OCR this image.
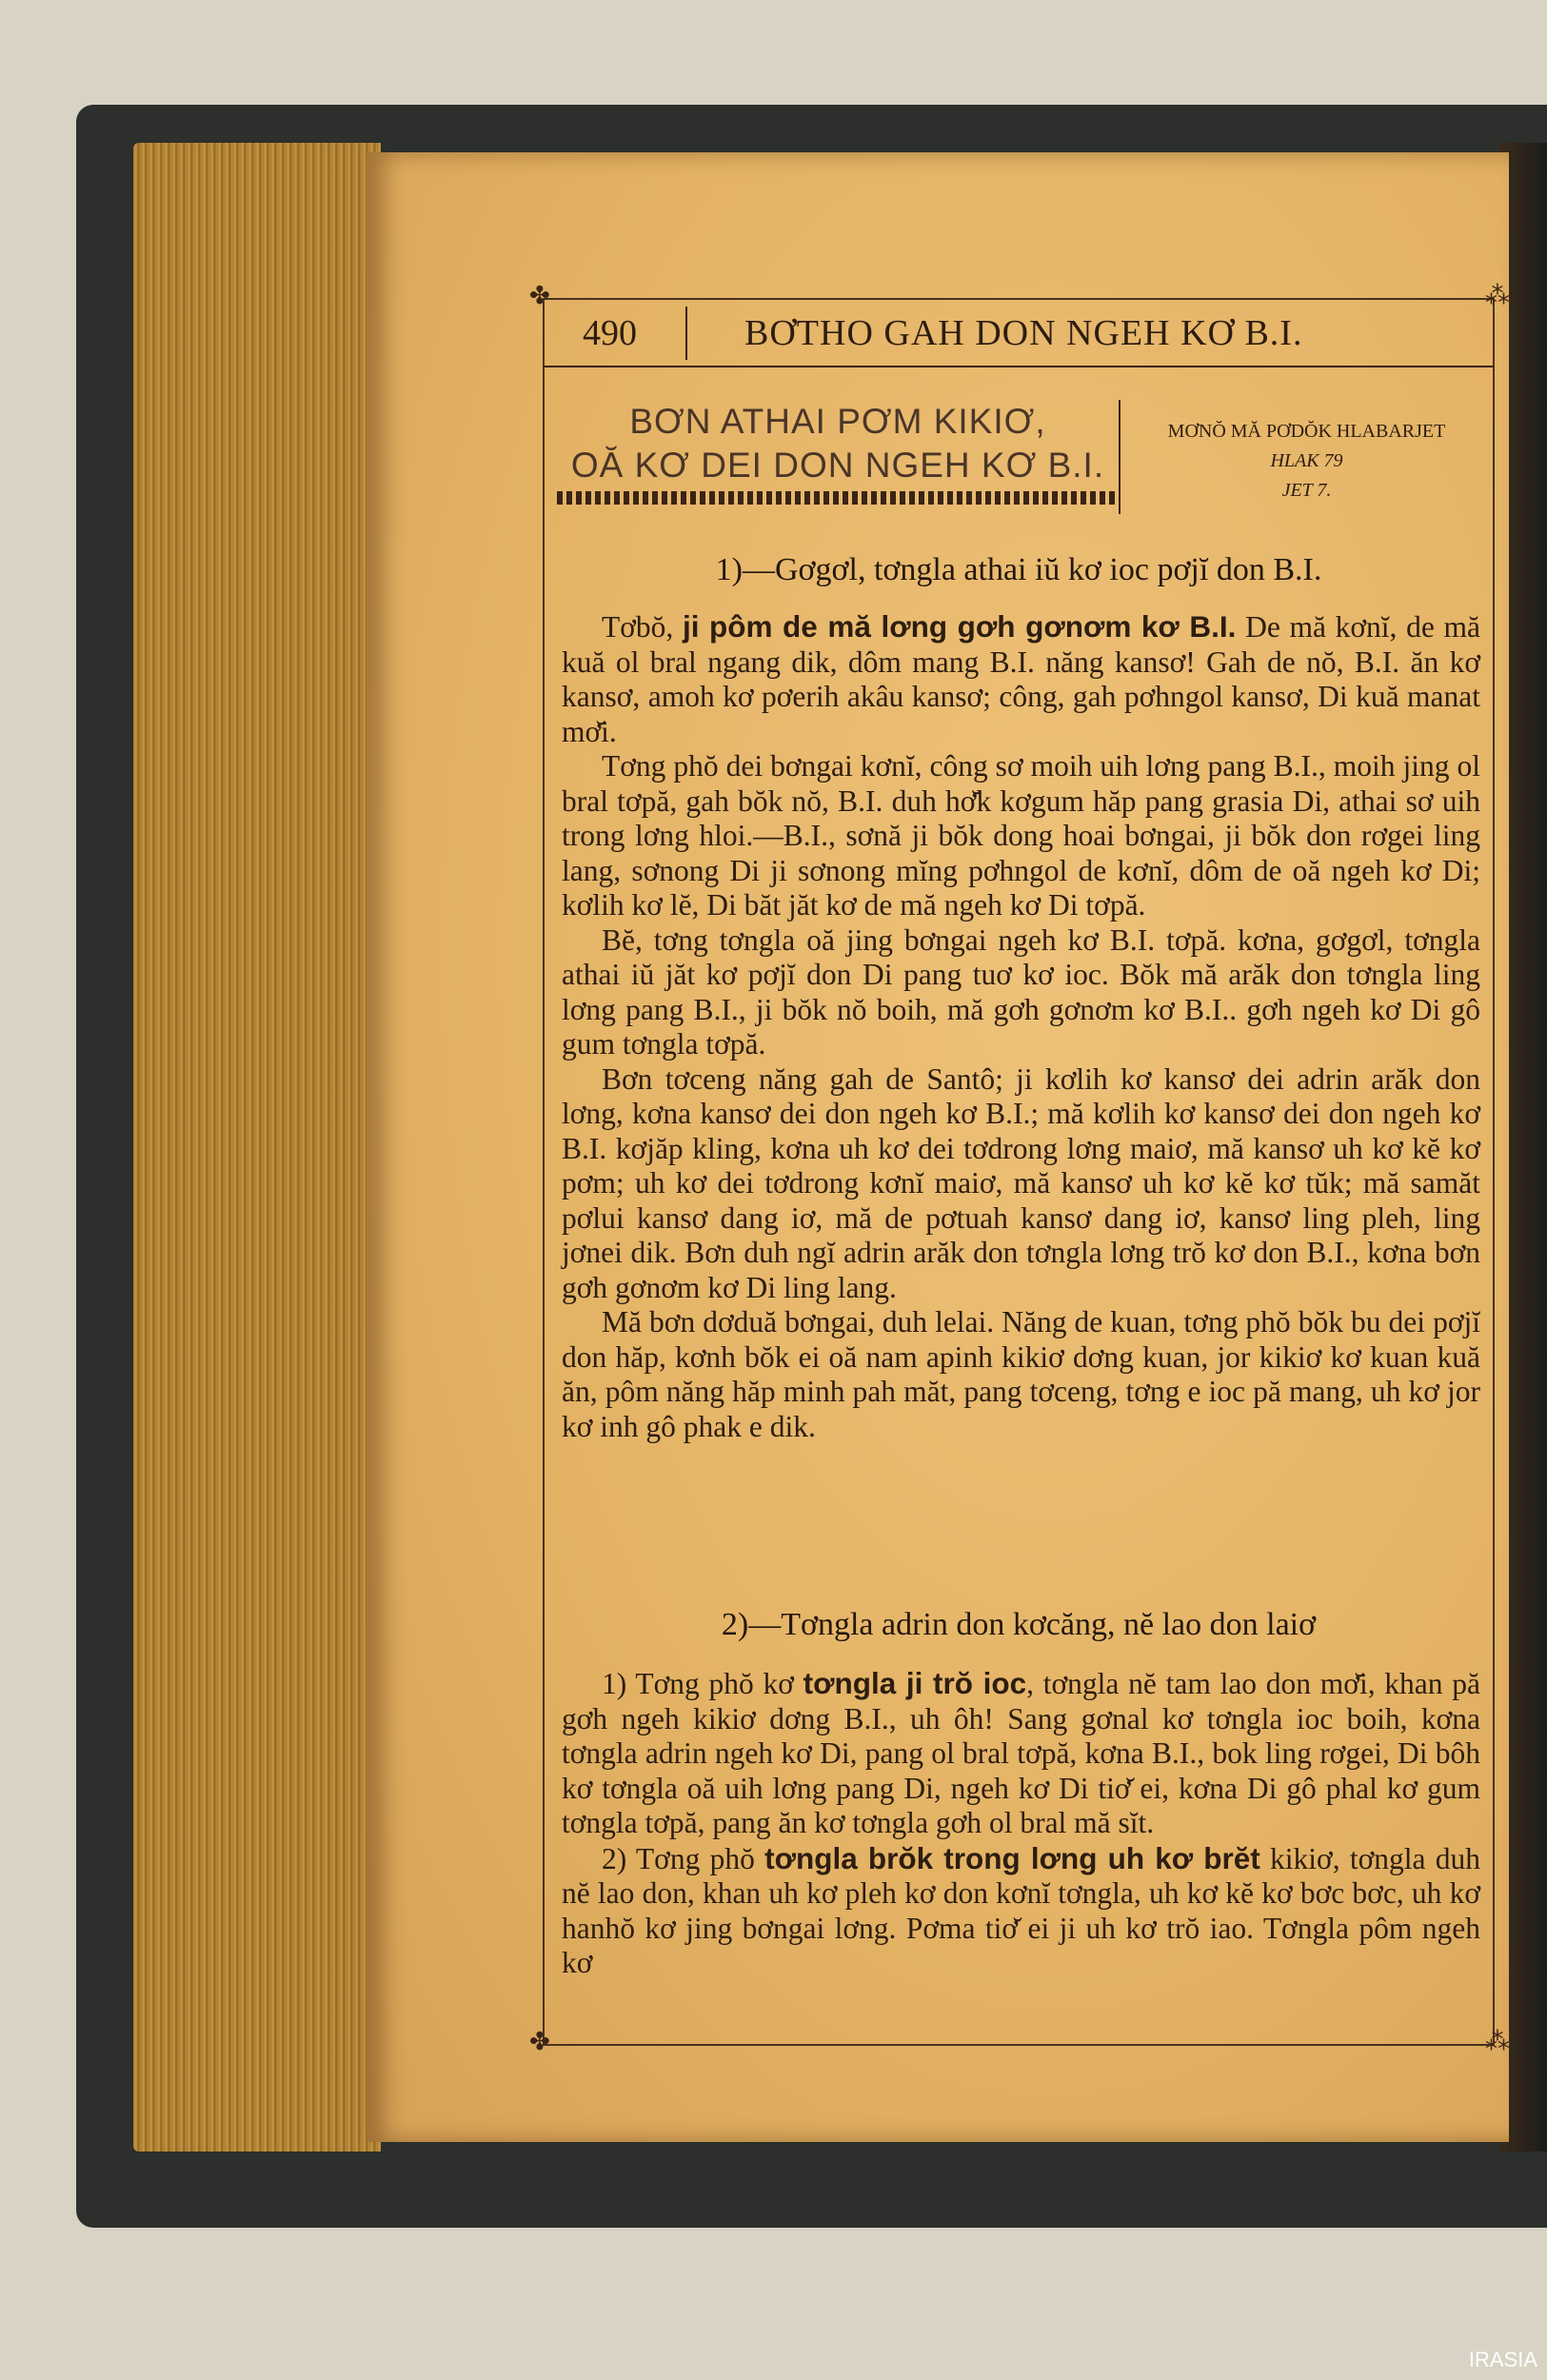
✤	⁂
✤	⁂
490	BƠTHO GAH DON NGEH KƠ B.I.
BƠN ATHAI PƠM KIKIƠ,
OĂ KƠ DEI DON NGEH KƠ B.I.
MƠNŎ MĂ PƠDŎK HLABARJET
HLAK 79
JET 7.
1)—Gơgơl, tơngla athai iŭ kơ ioc pơjĭ don B.I.

Tơbŏ, ji pôm de mă lơng gơh gơnơm kơ B.I. De mă kơnĭ, de mă kuă ol bral ngang dik, dôm mang B.I. năng kansơ! Gah de nŏ, B.I. ăn kơ kansơ, amoh kơ pơerih akâu kansơ; công, gah pơhngol kansơ, Di kuă manat mơ̆i.

Tơng phŏ dei bơngai kơnĭ, công sơ moih uih lơng pang B.I., moih jing ol bral tơpă, gah bŏk nŏ, B.I. duh hơ̆k kơgum hăp pang grasia Di, athai sơ uih trong lơng hloi.—B.I., sơnă ji bŏk dong hoai bơngai, ji bŏk don rơgei ling lang, sơnong Di ji sơnong mĭng pơhngol de kơnĭ, dôm de oă ngeh kơ Di; kơlih kơ lĕ, Di băt jăt kơ de mă ngeh kơ Di tơpă.

Bĕ, tơng tơngla oă jing bơngai ngeh kơ B.I. tơpă. kơna, gơgơl, tơngla athai iŭ jăt kơ pơjĭ don Di pang tuơ kơ ioc. Bŏk mă arăk don tơngla ling lơng pang B.I., ji bŏk nŏ boih, mă gơh gơnơm kơ B.I.. gơh ngeh kơ Di gô gum tơngla tơpă.

Bơn tơceng năng gah de Santô; ji kơlih kơ kansơ dei adrin arăk don lơng, kơna kansơ dei don ngeh kơ B.I.; mă kơlih kơ kansơ dei don ngeh kơ B.I. kơjăp kling, kơna uh kơ dei tơdrong lơng maiơ, mă kansơ uh kơ kĕ kơ pơm; uh kơ dei tơdrong kơnĭ maiơ, mă kansơ uh kơ kĕ kơ tŭk; mă samăt pơlui kansơ dang iơ, mă de pơtuah kansơ dang iơ, kansơ ling pleh, ling jơnei dik. Bơn duh ngĭ adrin arăk don tơngla lơng trŏ kơ don B.I., kơna bơn gơh gơnơm kơ Di ling lang.

Mă bơn dơduă bơngai, duh lelai. Năng de kuan, tơng phŏ bŏk bu dei pơjĭ don hăp, kơnh bŏk ei oă nam apinh kikiơ dơng kuan, jor kikiơ kơ kuan kuă ăn, pôm năng hăp minh pah măt, pang tơceng, tơng e ioc pă mang, uh kơ jor kơ inh gô phak e dik.

2)—Tơngla adrin don kơcăng, nĕ lao don laiơ

1) Tơng phŏ kơ tơngla ji trŏ ioc, tơngla nĕ tam lao don mơ̆i, khan pă gơh ngeh kikiơ dơng B.I., uh ôh! Sang gơnal kơ tơngla ioc boih, kơna tơngla adrin ngeh kơ Di, pang ol bral tơpă, kơna B.I., bok ling rơgei, Di bôh kơ tơngla oă uih lơng pang Di, ngeh kơ Di tiơ̆ ei, kơna Di gô phal kơ gum tơngla tơpă, pang ăn kơ tơngla gơh ol bral mă sĭt.

2) Tơng phŏ tơngla brŏk trong lơng uh kơ brĕt kikiơ, tơngla duh nĕ lao don, khan uh kơ pleh kơ don kơnĭ tơngla, uh kơ kĕ kơ bơc bơc, uh kơ hanhŏ kơ jing bơngai lơng. Pơma tiơ̆ ei ji uh kơ trŏ iao. Tơngla pôm ngeh kơ

IRASIA
